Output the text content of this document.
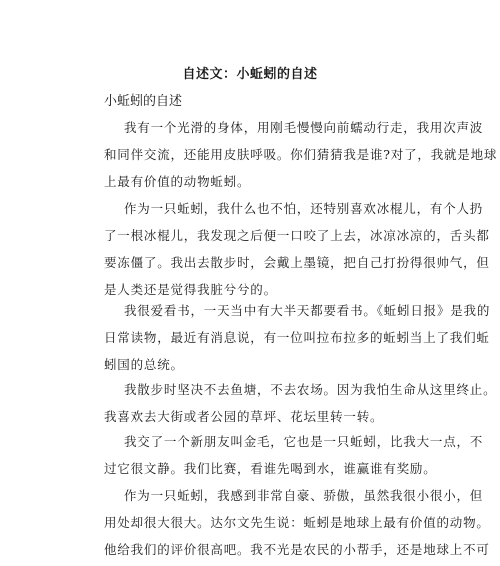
自述文：小蚯蚓的自述

小蚯蚓的自述

我有一个光滑的身体，用刚毛慢慢向前蠕动行走，我用次声波
和同伴交流，还能用皮肤呼吸。你们猜猜我是谁?对了，我就是地球
上最有价值的动物蚯蚓。
作为一只蚯蚓，我什么也不怕，还特别喜欢冰棍儿，有个人扔
了一根冰棍儿，我发现之后便一口咬了上去，冰凉冰凉的，舌头都
要冻僵了。我出去散步时，会戴上墨镜，把自己打扮得很帅气，但
是人类还是觉得我脏兮兮的。
我很爱看书，一天当中有大半天都要看书。《蚯蚓日报》是我的
日常读物，最近有消息说，有一位叫拉布拉多的蚯蚓当上了我们蚯
蚓国的总统。
我散步时坚决不去鱼塘，不去农场。因为我怕生命从这里终止。
我喜欢去大街或者公园的草坪、花坛里转一转。
我交了一个新朋友叫金毛，它也是一只蚯蚓，比我大一点，不
过它很文静。我们比赛，看谁先喝到水，谁赢谁有奖励。
作为一只蚯蚓，我感到非常自豪、骄傲，虽然我很小很小，但
用处却很大很大。达尔文先生说：蚯蚓是地球上最有价值的动物。
他给我们的评价很高吧。我不光是农民的小帮手，还是地球上不可
